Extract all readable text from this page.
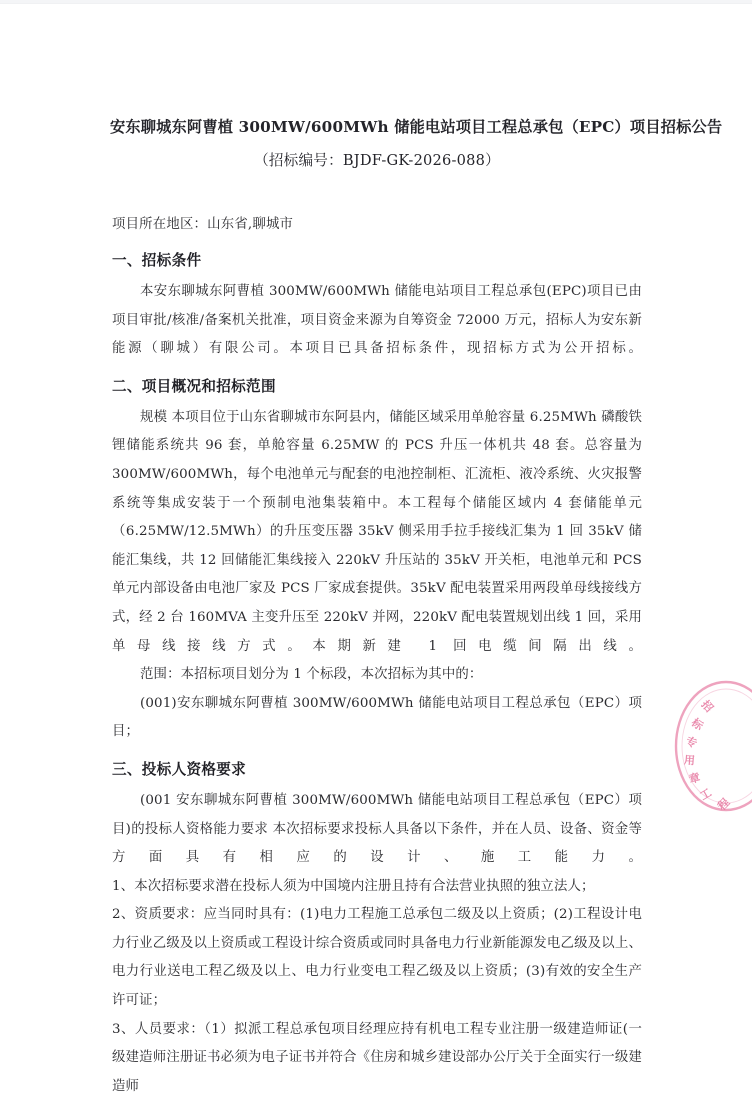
安东聊城东阿曹植 300MW/600MWh 储能电站项目工程总承包（EPC）项目招标公告
（招标编号：BJDF-GK-2026-088）
项目所在地区：山东省,聊城市
一、招标条件

本安东聊城东阿曹植 300MW/600MWh 储能电站项目工程总承包(EPC)项目已由项目审批/核准/备案机关批准，项目资金来源为自筹资金 72000 万元，招标人为安东新能源（聊城）有限公司。本项目已具备招标条件，现招标方式为公开招标。

二、项目概况和招标范围

规模 本项目位于山东省聊城市东阿县内，储能区域采用单舱容量 6.25MWh 磷酸铁锂储能系统共 96 套，单舱容量 6.25MW 的 PCS 升压一体机共 48 套。总容量为 300MW/600MWh，每个电池单元与配套的电池控制柜、汇流柜、液冷系统、火灾报警系统等集成安装于一个预制电池集装箱中。本工程每个储能区域内 4 套储能单元（6.25MW/12.5MWh）的升压变压器 35kV 侧采用手拉手接线汇集为 1 回 35kV 储能汇集线，共 12 回储能汇集线接入 220kV 升压站的 35kV 开关柜，电池单元和 PCS 单元内部设备由电池厂家及 PCS 厂家成套提供。35kV 配电装置采用两段单母线接线方式，经 2 台 160MVA 主变升压至 220kV 并网，220kV 配电装置规划出线 1 回，采用单母线接线方式。本期新建 1 回电缆间隔出线。

范围：本招标项目划分为 1 个标段，本次招标为其中的：

(001)安东聊城东阿曹植 300MW/600MWh 储能电站项目工程总承包（EPC）项目；

三、投标人资格要求

(001 安东聊城东阿曹植 300MW/600MWh 储能电站项目工程总承包（EPC）项目)的投标人资格能力要求 本次招标要求投标人具备以下条件，并在人员、设备、资金等方面具有相应的设计、施工能力。

1、本次招标要求潜在投标人须为中国境内注册且持有合法营业执照的独立法人；

2、资质要求：应当同时具有：(1)电力工程施工总承包二级及以上资质；(2)工程设计电力行业乙级及以上资质或工程设计综合资质或同时具备电力行业新能源发电乙级及以上、电力行业送电工程乙级及以上、电力行业变电工程乙级及以上资质；(3)有效的安全生产许可证；

3、人员要求：（1）拟派工程总承包项目经理应持有机电工程专业注册一级建造师证(一级建造师注册证书必须为电子证书并符合《住房和城乡建设部办公厅关于全面实行一级建造师

招
标
专
用
章
工
程
